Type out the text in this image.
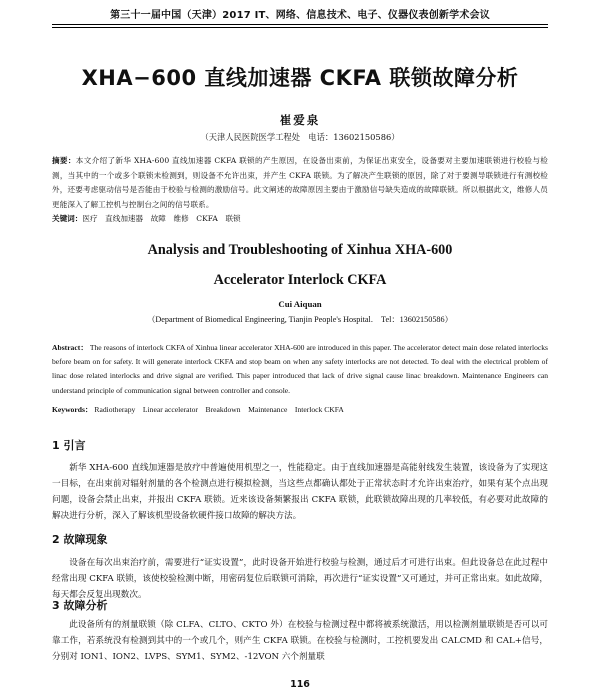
第三十一届中国（天津）2017 IT、网络、信息技术、电子、仪器仪表创新学术会议
XHA−600 直线加速器 CKFA 联锁故障分析
崔爱泉
（天津人民医院医学工程处　电话：13602150586）
摘要：本文介绍了新华 XHA-600 直线加速器 CKFA 联锁的产生原因，在设备出束前，为保证出束安全，设备要对主要加速联锁进行校验与检测，当其中的一个或多个联锁未检测到，则设备不允许出束，并产生 CKFA 联锁。为了解决产生联锁的原因，除了对于要测导联锁进行有测校检外，还要考虑驱动信号是否能由于校验与检测的激励信号。此文阐述的故障原因主要由于激励信号缺失造成的故障联锁。所以根据此文，维修人员更能深入了解工控机与控制台之间的信号联系。
关键词：医疗　直线加速器　故障　维修　CKFA　联锁
Analysis and Troubleshooting of Xinhua XHA-600
Accelerator Interlock CKFA
Cui Aiquan
（Department of Biomedical Engineering, Tianjin People's Hospital.　Tel：13602150586）
Abstract： The reasons of interlock CKFA of Xinhua linear accelerator XHA-600 are introduced in this paper. The accelerator detect main dose related interlocks before beam on for safety. It will generate interlock CKFA and stop beam on when any safety interlocks are not detected. To deal with the electrical problem of linac dose related interlocks and drive signal are verified. This paper introduced that lack of drive signal cause linac breakdown. Maintenance Engineers can understand principle of communication signal between controller and console.
Keywords： Radiotherapy　Linear accelerator　Breakdown　Maintenance　Interlock CKFA
1 引言
新华 XHA-600 直线加速器是放疗中普遍使用机型之一，性能稳定。由于直线加速器是高能射线发生装置，该设备为了实现这一目标，在出束前对辐射剂量的各个检测点进行模拟检测，当这些点都确认都处于正常状态时才允许出束治疗，如果有某个点出现问题，设备会禁止出束，并报出 CKFA 联锁。近来该设备频繁报出 CKFA 联锁，此联锁故障出现的几率较低，有必要对此故障的解决进行分析，深入了解该机型设备软硬件接口故障的解决方法。
2 故障现象
设备在每次出束治疗前，需要进行“证实设置”，此时设备开始进行校验与检测，通过后才可进行出束。但此设备总在此过程中经常出现 CKFA 联锁，该使校验检测中断，用密码复位后联锁可消除，再次进行“证实设置”又可通过，并可正常出束。如此故障，每天都会反复出现数次。
3 故障分析
此设备所有的剂量联锁（除 CLFA、CLTO、CKTO 外）在校验与检测过程中都将被系统激活，用以检测剂量联锁是否可以可靠工作，若系统没有检测到其中的一个或几个，则产生 CKFA 联锁。在校验与检测时，工控机要发出 CALCMD 和 CAL+信号，分别对 ION1、ION2、LVPS、SYM1、SYM2、-12VON 六个剂量联
116
